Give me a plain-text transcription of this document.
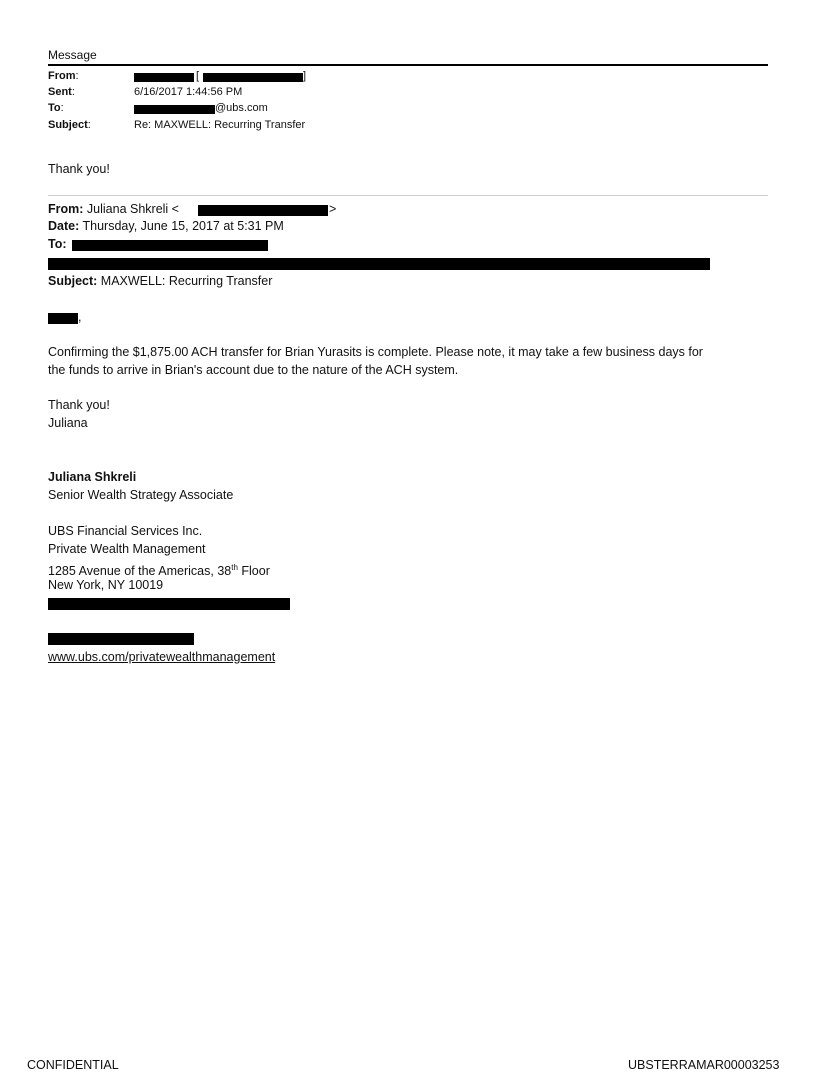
Message
From:	[	]
Sent:	6/16/2017 1:44:56 PM
To:	@ubs.com
Subject:	Re: MAXWELL: Recurring Transfer
Thank you!
From: Juliana Shkreli <	>
Date: Thursday, June 15, 2017 at 5:31 PM
To:
Subject: MAXWELL: Recurring Transfer
,
Confirming the $1,875.00 ACH transfer for Brian Yurasits is complete. Please note, it may take a few business days for
the funds to arrive in Brian's account due to the nature of the ACH system.
Thank you!
Juliana
Juliana Shkreli
Senior Wealth Strategy Associate
UBS Financial Services Inc.
Private Wealth Management
1285 Avenue of the Americas, 38th Floor
New York, NY 10019
www.ubs.com/privatewealthmanagement
CONFIDENTIAL	UBSTERRAMAR00003253
